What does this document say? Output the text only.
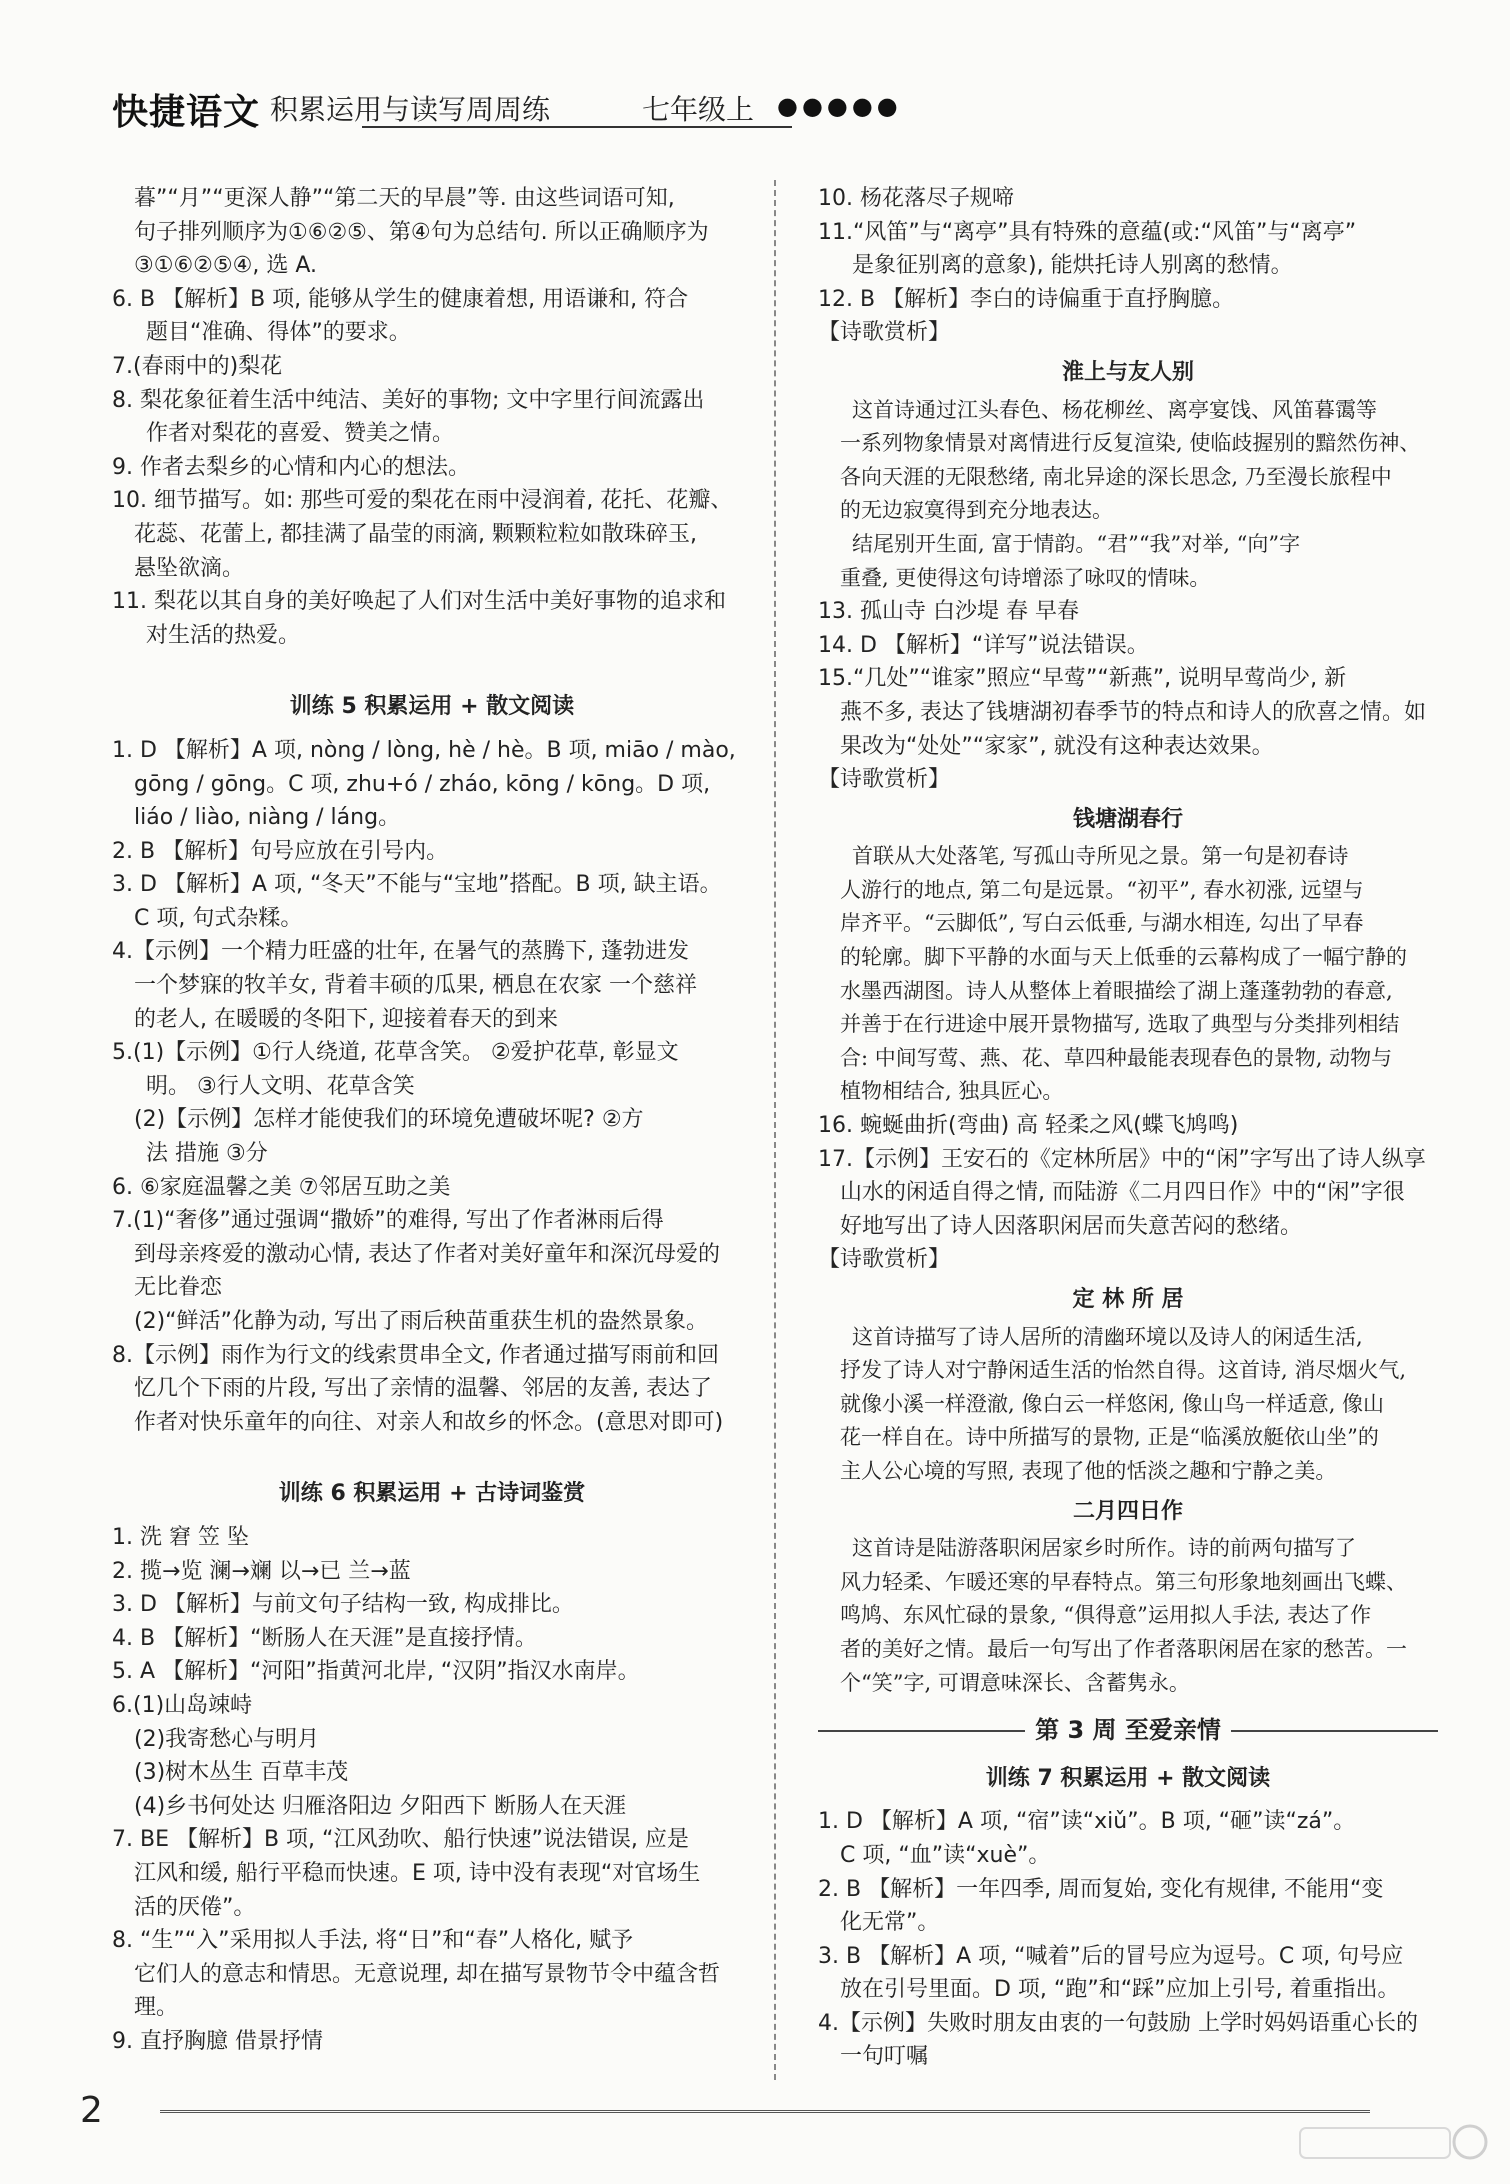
快捷语文 积累运用与读写周周练	七年级上 ●●●●●
暮”“月”“更深人静”“第二天的早晨”等. 由这些词语可知,
句子排列顺序为①⑥②⑤、第④句为总结句. 所以正确顺序为
③①⑥②⑤④, 选 A.
6. B 【解析】B 项, 能够从学生的健康着想, 用语谦和, 符合
题目“准确、得体”的要求。
7.(春雨中的)梨花
8. 梨花象征着生活中纯洁、美好的事物; 文中字里行间流露出
作者对梨花的喜爱、赞美之情。
9. 作者去梨乡的心情和内心的想法。
10. 细节描写。如: 那些可爱的梨花在雨中浸润着, 花托、花瓣、
花蕊、花蕾上, 都挂满了晶莹的雨滴, 颗颗粒粒如散珠碎玉,
悬坠欲滴。
11. 梨花以其自身的美好唤起了人们对生活中美好事物的追求和
对生活的热爱。
训练 5 积累运用 + 散文阅读
1. D 【解析】A 项, nòng / lòng, hè / hè。B 项, miāo / mào,
gōng / gōng。C 项, zhu+ó / zháo, kōng / kōng。D 项,
liáo / liào, niàng / láng。
2. B 【解析】句号应放在引号内。
3. D 【解析】A 项, “冬天”不能与“宝地”搭配。B 项, 缺主语。
C 项, 句式杂糅。
4.【示例】一个精力旺盛的壮年, 在暑气的蒸腾下, 蓬勃进发
一个梦寐的牧羊女, 背着丰硕的瓜果, 栖息在农家 一个慈祥
的老人, 在暖暖的冬阳下, 迎接着春天的到来
5.(1)【示例】①行人绕道, 花草含笑。 ②爱护花草, 彰显文
明。 ③行人文明、花草含笑
(2)【示例】怎样才能使我们的环境免遭破坏呢? ②方
法 措施 ③分
6. ⑥家庭温馨之美 ⑦邻居互助之美
7.(1)“奢侈”通过强调“撒娇”的难得, 写出了作者淋雨后得
到母亲疼爱的激动心情, 表达了作者对美好童年和深沉母爱的
无比眷恋
(2)“鲜活”化静为动, 写出了雨后秧苗重获生机的盎然景象。
8.【示例】雨作为行文的线索贯串全文, 作者通过描写雨前和回
忆几个下雨的片段, 写出了亲情的温馨、邻居的友善, 表达了
作者对快乐童年的向往、对亲人和故乡的怀念。(意思对即可)
训练 6 积累运用 + 古诗词鉴赏
1. 洗 窘 笠 坠
2. 揽→览 澜→斓 以→已 兰→蓝
3. D 【解析】与前文句子结构一致, 构成排比。
4. B 【解析】“断肠人在天涯”是直接抒情。
5. A 【解析】“河阳”指黄河北岸, “汉阴”指汉水南岸。
6.(1)山岛竦峙
(2)我寄愁心与明月
(3)树木丛生 百草丰茂
(4)乡书何处达 归雁洛阳边 夕阳西下 断肠人在天涯
7. BE 【解析】B 项, “江风劲吹、船行快速”说法错误, 应是
江风和缓, 船行平稳而快速。E 项, 诗中没有表现“对官场生
活的厌倦”。
8. “生”“入”采用拟人手法, 将“日”和“春”人格化, 赋予
它们人的意志和情思。无意说理, 却在描写景物节令中蕴含哲
理。
9. 直抒胸臆 借景抒情
10. 杨花落尽子规啼
11.“风笛”与“离亭”具有特殊的意蕴(或:“风笛”与“离亭”
是象征别离的意象), 能烘托诗人别离的愁情。
12. B 【解析】李白的诗偏重于直抒胸臆。
【诗歌赏析】
淮上与友人别
这首诗通过江头春色、杨花柳丝、离亭宴饯、风笛暮霭等
一系列物象情景对离情进行反复渲染, 使临歧握别的黯然伤神、
各向天涯的无限愁绪, 南北异途的深长思念, 乃至漫长旅程中
的无边寂寞得到充分地表达。
结尾别开生面, 富于情韵。“君”“我”对举, “向”字
重叠, 更使得这句诗增添了咏叹的情味。
13. 孤山寺 白沙堤 春 早春
14. D 【解析】“详写”说法错误。
15.“几处”“谁家”照应“早莺”“新燕”, 说明早莺尚少, 新
燕不多, 表达了钱塘湖初春季节的特点和诗人的欣喜之情。如
果改为“处处”“家家”, 就没有这种表达效果。
【诗歌赏析】
钱塘湖春行
首联从大处落笔, 写孤山寺所见之景。第一句是初春诗
人游行的地点, 第二句是远景。“初平”, 春水初涨, 远望与
岸齐平。“云脚低”, 写白云低垂, 与湖水相连, 勾出了早春
的轮廓。脚下平静的水面与天上低垂的云幕构成了一幅宁静的
水墨西湖图。诗人从整体上着眼描绘了湖上蓬蓬勃勃的春意,
并善于在行进途中展开景物描写, 选取了典型与分类排列相结
合: 中间写莺、燕、花、草四种最能表现春色的景物, 动物与
植物相结合, 独具匠心。
16. 蜿蜒曲折(弯曲) 高 轻柔之风(蝶飞鸠鸣)
17.【示例】王安石的《定林所居》中的“闲”字写出了诗人纵享
山水的闲适自得之情, 而陆游《二月四日作》中的“闲”字很
好地写出了诗人因落职闲居而失意苦闷的愁绪。
【诗歌赏析】
定 林 所 居
这首诗描写了诗人居所的清幽环境以及诗人的闲适生活,
抒发了诗人对宁静闲适生活的怡然自得。这首诗, 消尽烟火气,
就像小溪一样澄澈, 像白云一样悠闲, 像山鸟一样适意, 像山
花一样自在。诗中所描写的景物, 正是“临溪放艇依山坐”的
主人公心境的写照, 表现了他的恬淡之趣和宁静之美。
二月四日作
这首诗是陆游落职闲居家乡时所作。诗的前两句描写了
风力轻柔、乍暖还寒的早春特点。第三句形象地刻画出飞蝶、
鸣鸠、东风忙碌的景象, “俱得意”运用拟人手法, 表达了作
者的美好之情。最后一句写出了作者落职闲居在家的愁苦。一
个“笑”字, 可谓意味深长、含蓄隽永。
第 3 周 至爱亲情
训练 7 积累运用 + 散文阅读
1. D 【解析】A 项, “宿”读“xiǔ”。B 项, “砸”读“zá”。
C 项, “血”读“xuè”。
2. B 【解析】一年四季, 周而复始, 变化有规律, 不能用“变
化无常”。
3. B 【解析】A 项, “喊着”后的冒号应为逗号。C 项, 句号应
放在引号里面。D 项, “跑”和“踩”应加上引号, 着重指出。
4.【示例】失败时朋友由衷的一句鼓励 上学时妈妈语重心长的
一句叮嘱
2
